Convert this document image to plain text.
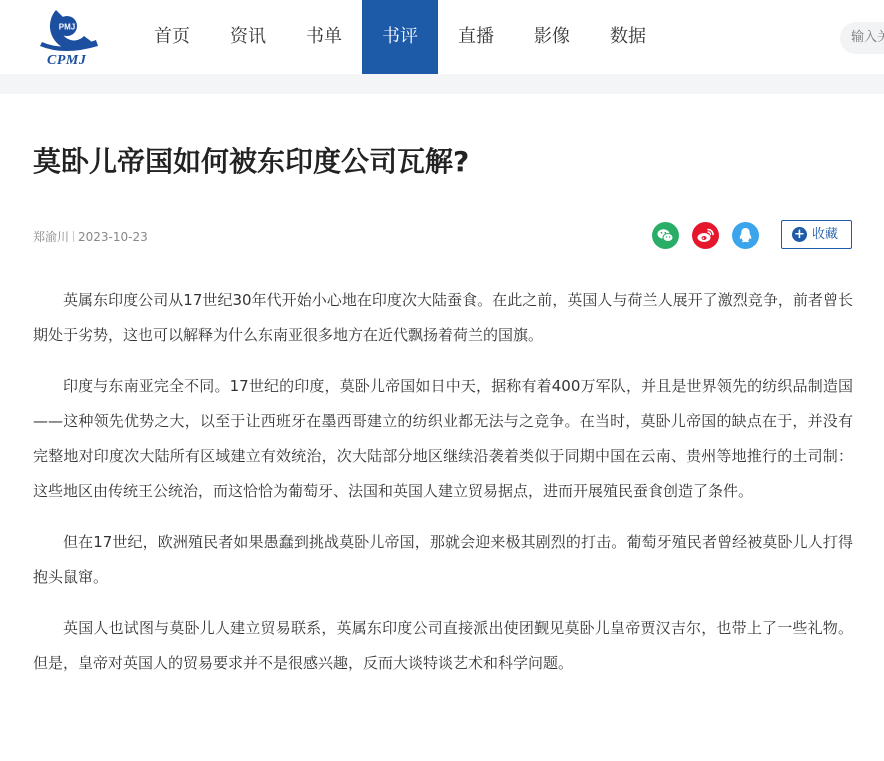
PMJ
CPMJ
首页	资讯	书单	书评	直播	影像	数据
输入关键词
莫卧儿帝国如何被东印度公司瓦解?
郑渝川 2023-10-23	+ 收藏

英属东印度公司从17世纪30年代开始小心地在印度次大陆蚕食。在此之前，英国人与荷兰人展开了激烈竞争，前者曾长期处于劣势，这也可以解释为什么东南亚很多地方在近代飘扬着荷兰的国旗。

印度与东南亚完全不同。17世纪的印度，莫卧儿帝国如日中天，据称有着400万军队，并且是世界领先的纺织品制造国——这种领先优势之大，以至于让西班牙在墨西哥建立的纺织业都无法与之竞争。在当时，莫卧儿帝国的缺点在于，并没有完整地对印度次大陆所有区域建立有效统治，次大陆部分地区继续沿袭着类似于同期中国在云南、贵州等地推行的土司制：这些地区由传统王公统治，而这恰恰为葡萄牙、法国和英国人建立贸易据点，进而开展殖民蚕食创造了条件。

但在17世纪，欧洲殖民者如果愚蠢到挑战莫卧儿帝国，那就会迎来极其剧烈的打击。葡萄牙殖民者曾经被莫卧儿人打得抱头鼠窜。

英国人也试图与莫卧儿人建立贸易联系，英属东印度公司直接派出使团觐见莫卧儿皇帝贾汉吉尔，也带上了一些礼物。但是，皇帝对英国人的贸易要求并不是很感兴趣，反而大谈特谈艺术和科学问题。
